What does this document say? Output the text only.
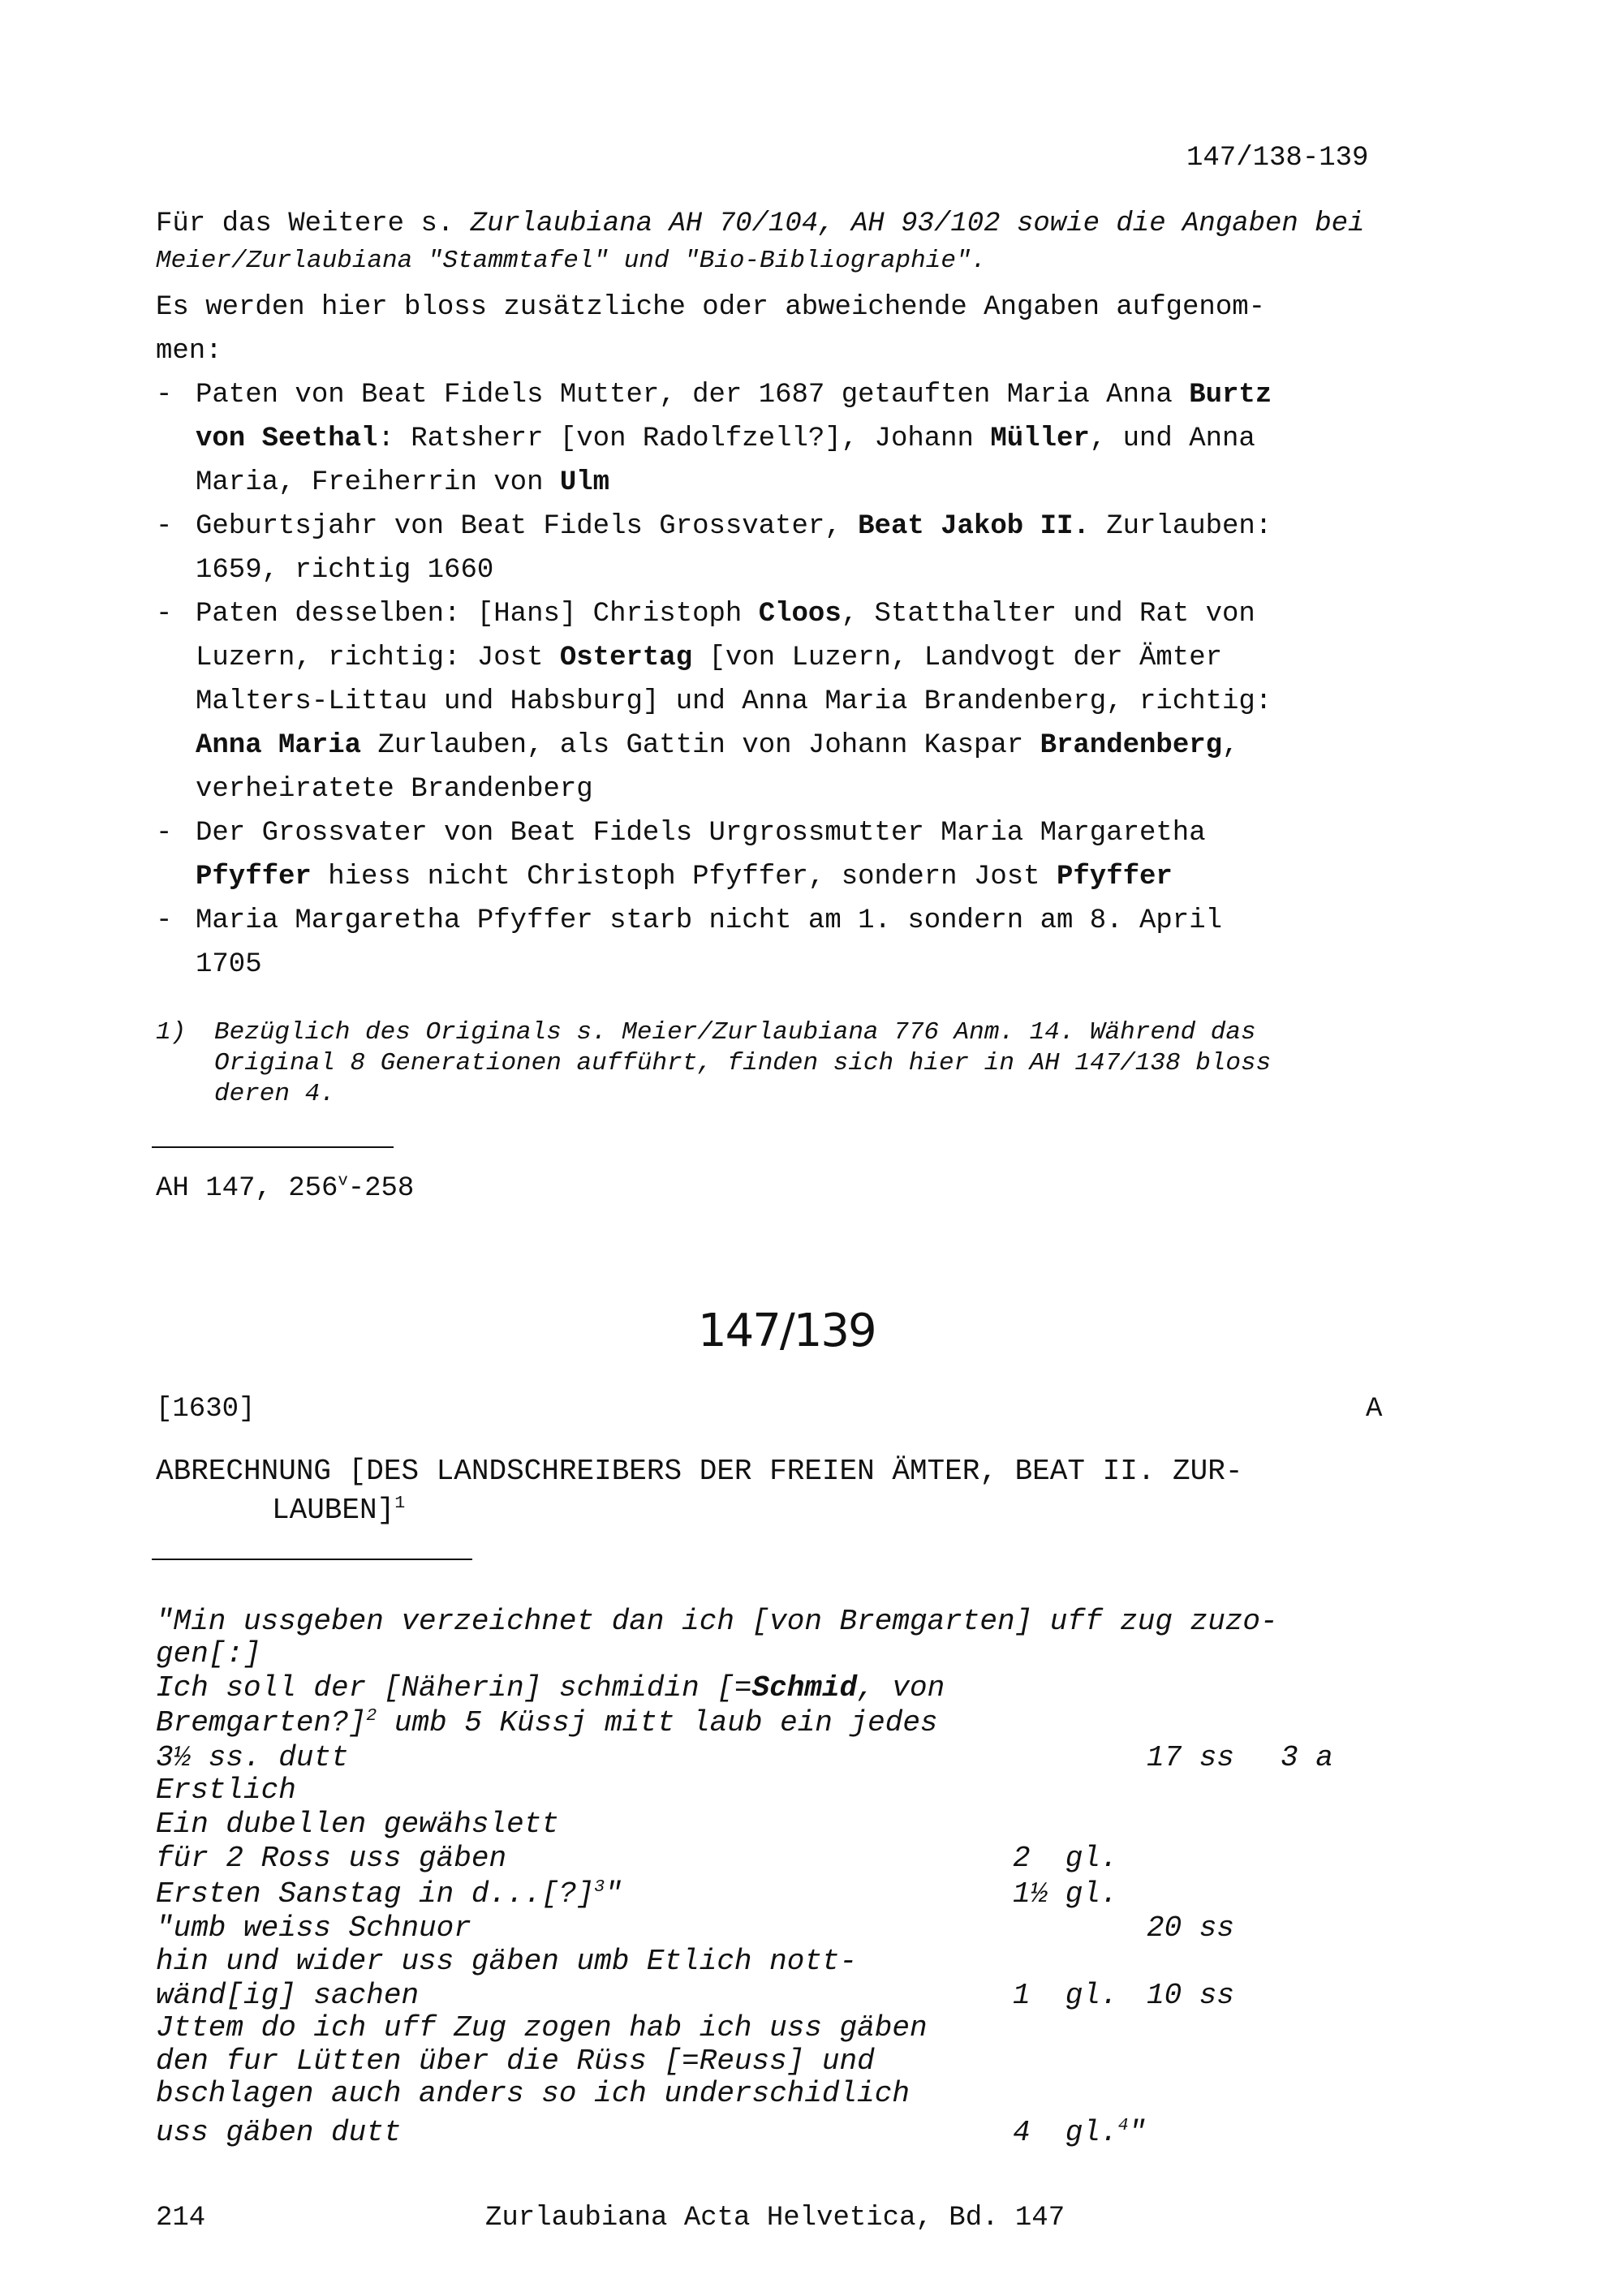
147/138-139
Für das Weitere s. Zurlaubiana AH 70/104, AH 93/102 sowie die Angaben bei
Meier/Zurlaubiana "Stammtafel" und "Bio-Bibliographie".
Es werden hier bloss zusätzliche oder abweichende Angaben aufgenom-
men:
- Paten von Beat Fidels Mutter, der 1687 getauften Maria Anna Burtz
von Seethal: Ratsherr [von Radolfzell?], Johann Müller, und Anna
Maria, Freiherrin von Ulm
- Geburtsjahr von Beat Fidels Grossvater, Beat Jakob II. Zurlauben:
1659, richtig 1660
- Paten desselben: [Hans] Christoph Cloos, Statthalter und Rat von
Luzern, richtig: Jost Ostertag [von Luzern, Landvogt der Ämter
Malters-Littau und Habsburg] und Anna Maria Brandenberg, richtig:
Anna Maria Zurlauben, als Gattin von Johann Kaspar Brandenberg,
verheiratete Brandenberg
- Der Grossvater von Beat Fidels Urgrossmutter Maria Margaretha
Pfyffer hiess nicht Christoph Pfyffer, sondern Jost Pfyffer
- Maria Margaretha Pfyffer starb nicht am 1. sondern am 8. April
1705
1) Bezüglich des Originals s. Meier/Zurlaubiana 776 Anm. 14. Während das
Original 8 Generationen aufführt, finden sich hier in AH 147/138 bloss
deren 4.
AH 147, 256$^v$-258
147/139
[1630]	A
ABRECHNUNG [DES LANDSCHREIBERS DER FREIEN ÄMTER, BEAT II. ZUR-
LAUBEN]$^1$
"Min ussgeben verzeichnet dan ich [von Bremgarten] uff zug zuzo-
gen[:]
Ich soll der [Näherin] schmidin [=Schmid, von
Bremgarten?]$^2$ umb 5 Küssj mitt laub ein jedes
3½ ss. dutt	17 ss 3 a
Erstlich
Ein dubellen gewähslett
für 2 Ross uss gäben	2  gl.
Ersten Sanstag in d...[?]$^3$"	1½ gl.
"umb weiss Schnuor	20 ss
hin und wider uss gäben umb Etlich nott-
wänd[ig] sachen	1  gl. 10 ss
Jttem do ich uff Zug zogen hab ich uss gäben
den fur Lütten über die Rüss [=Reuss] und
bschlagen auch anders so ich underschidlich
uss gäben dutt	4  gl.$^4$"
214	Zurlaubiana Acta Helvetica, Bd. 147
